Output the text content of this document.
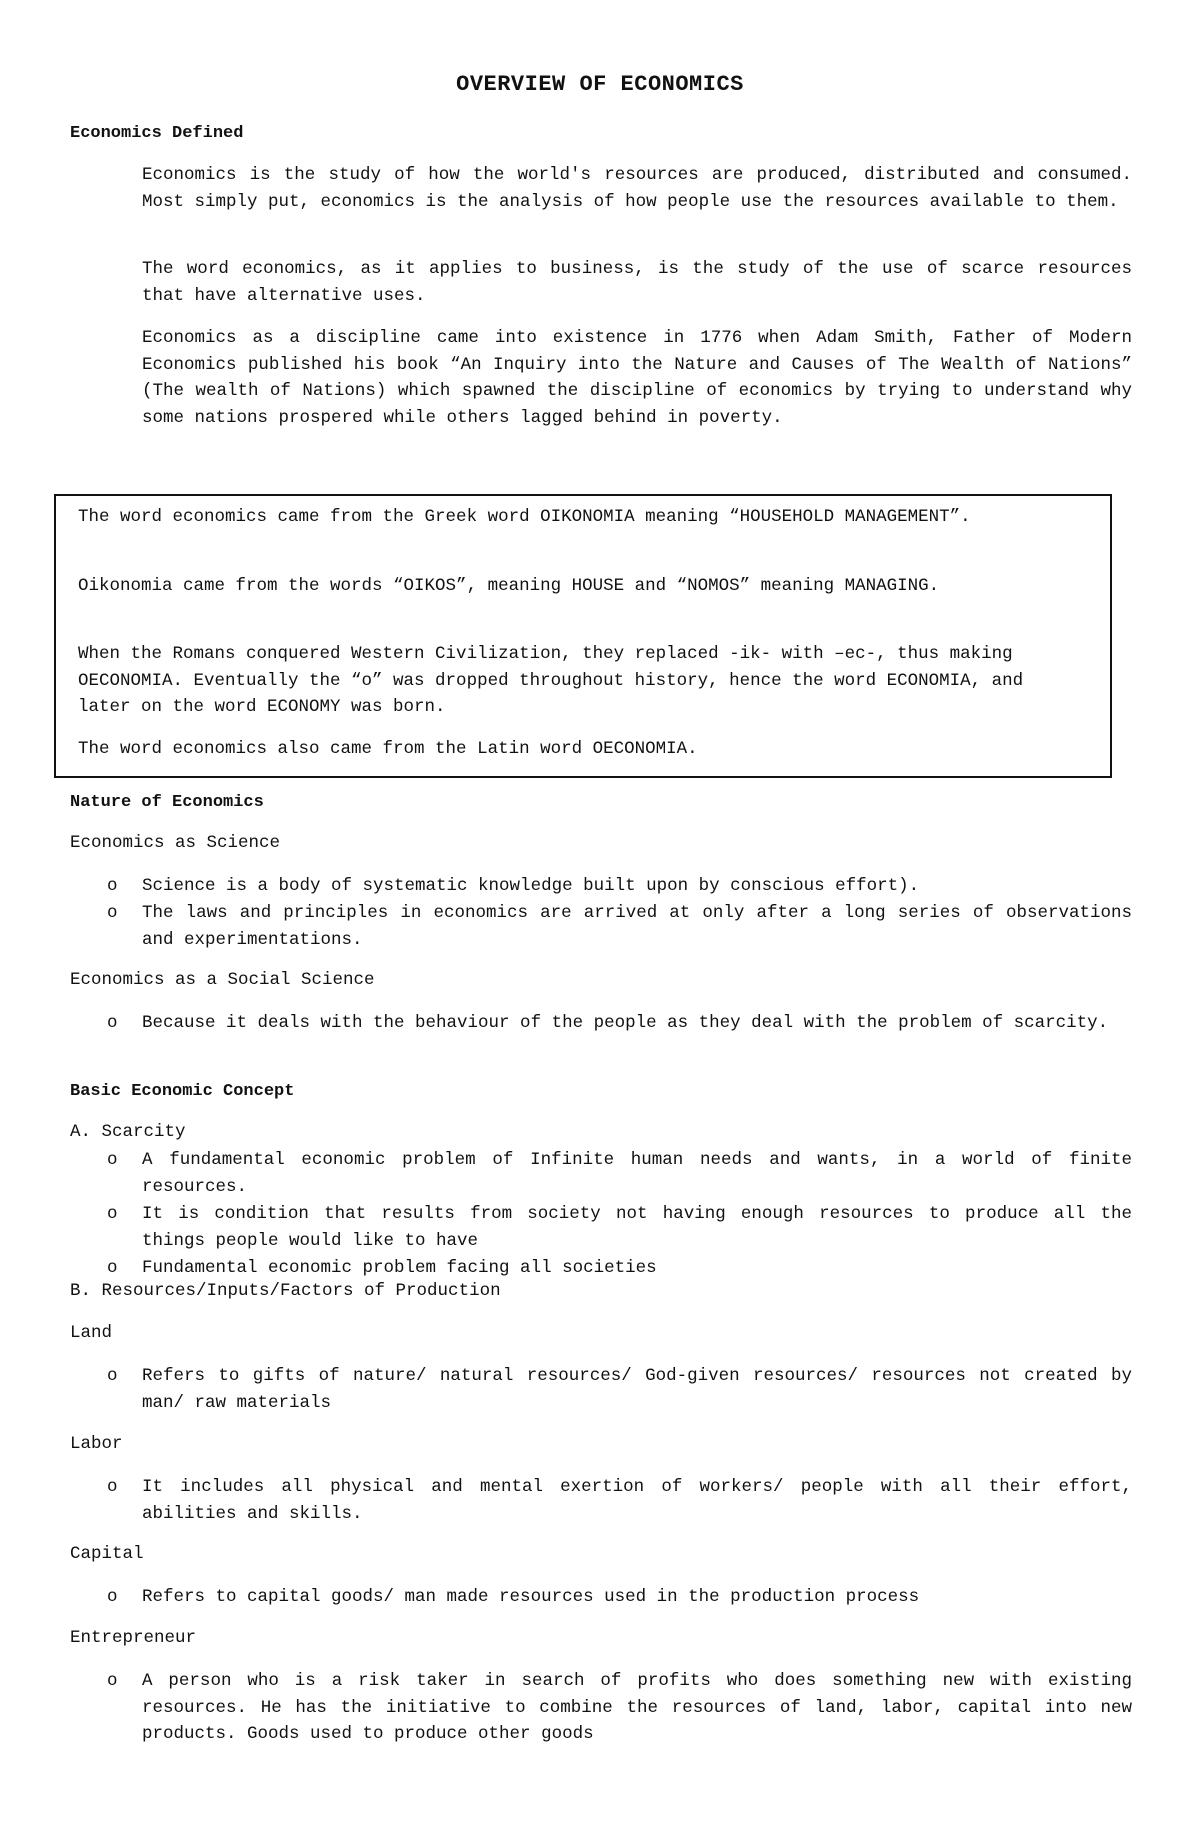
OVERVIEW OF ECONOMICS
Economics Defined

Economics is the study of how the world's resources are produced, distributed and consumed. Most simply put, economics is the analysis of how people use the resources available to them.

The word economics, as it applies to business, is the study of the use of scarce resources that have alternative uses.

Economics as a discipline came into existence in 1776 when Adam Smith, Father of Modern Economics published his book “An Inquiry into the Nature and Causes of The Wealth of Nations” (The wealth of Nations) which spawned the discipline of economics by trying to understand why some nations prospered while others lagged behind in poverty.

The word economics came from the Greek word OIKONOMIA meaning “HOUSEHOLD MANAGEMENT”.

Oikonomia came from the words “OIKOS”, meaning HOUSE and “NOMOS” meaning MANAGING.

When the Romans conquered Western Civilization, they replaced -ik- with –ec-, thus making OECONOMIA. Eventually the “o” was dropped throughout history, hence the word ECONOMIA, and later on the word ECONOMY was born.

The word economics also came from the Latin word OECONOMIA.

Nature of Economics
Economics as Science
o Science is a body of systematic knowledge built upon by conscious effort).
o The laws and principles in economics are arrived at only after a long series of observations and experimentations.
Economics as a Social Science
o Because it deals with the behaviour of the people as they deal with the problem of scarcity.
Basic Economic Concept
A. Scarcity
o A fundamental economic problem of Infinite human needs and wants, in a world of finite resources.
o It is condition that results from society not having enough resources to produce all the things people would like to have
o Fundamental economic problem facing all societies
B. Resources/Inputs/Factors of Production
Land
o Refers to gifts of nature/ natural resources/ God-given resources/ resources not created by man/ raw materials
Labor
o It includes all physical and mental exertion of workers/ people with all their effort, abilities and skills.
Capital
o Refers to capital goods/ man made resources used in the production process
Entrepreneur
o A person who is a risk taker in search of profits who does something new with existing resources. He has the initiative to combine the resources of land, labor, capital into new products. Goods used to produce other goods
